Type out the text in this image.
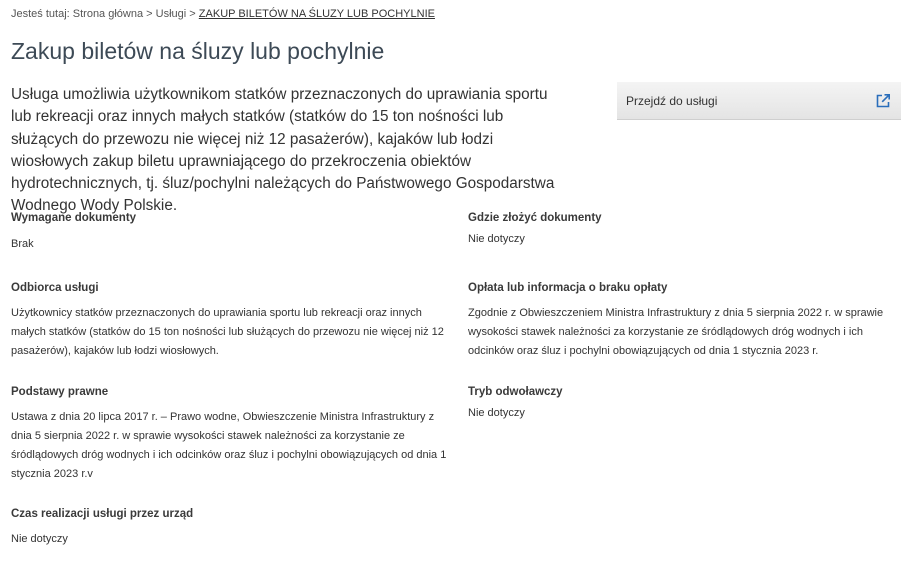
Jesteś tutaj: Strona główna > Usługi > ZAKUP BILETÓW NA ŚLUZY LUB POCHYLNIE
Zakup biletów na śluzy lub pochylnie

Usługa umożliwia użytkownikom statków przeznaczonych do uprawiania sportu lub rekreacji oraz innych małych statków (statków do 15 ton nośności lub służących do przewozu nie więcej niż 12 pasażerów), kajaków lub łodzi wiosłowych zakup biletu uprawniającego do przekroczenia obiektów hydrotechnicznych, tj. śluz/pochylni należących do Państwowego Gospodarstwa Wodnego Wody Polskie.

Przejdź do usługi
Wymagane dokumenty

Brak

Odbiorca usługi

Użytkownicy statków przeznaczonych do uprawiania sportu lub rekreacji oraz innych małych statków (statków do 15 ton nośności lub służących do przewozu nie więcej niż 12 pasażerów), kajaków lub łodzi wiosłowych.

Podstawy prawne

Ustawa z dnia 20 lipca 2017 r. – Prawo wodne, Obwieszczenie Ministra Infrastruktury z dnia 5 sierpnia 2022 r. w sprawie wysokości stawek należności za korzystanie ze śródlądowych dróg wodnych i ich odcinków oraz śluz i pochylni obowiązujących od dnia 1 stycznia 2023 r.v

Czas realizacji usługi przez urząd

Nie dotyczy

Gdzie złożyć dokumenty

Nie dotyczy

Opłata lub informacja o braku opłaty

Zgodnie z Obwieszczeniem Ministra Infrastruktury z dnia 5 sierpnia 2022 r. w sprawie wysokości stawek należności za korzystanie ze śródlądowych dróg wodnych i ich odcinków oraz śluz i pochylni obowiązujących od dnia 1 stycznia 2023 r.

Tryb odwoławczy

Nie dotyczy
